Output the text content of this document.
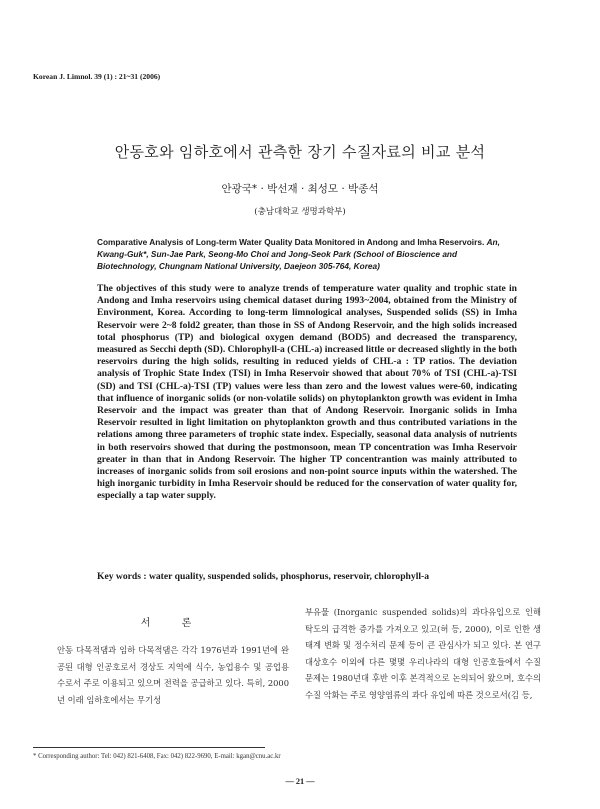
Korean J. Limnol. 39 (1) : 21~31 (2006)
안동호와 임하호에서 관측한 장기 수질자료의 비교 분석
안광국* · 박선재 · 최성모 · 박종석
(충남대학교 생명과학부)
Comparative Analysis of Long-term Water Quality Data Monitored in Andong and Imha Reservoirs. An, Kwang-Guk*, Sun-Jae Park, Seong-Mo Choi and Jong-Seok Park (School of Bioscience and Biotechnology, Chungnam National University, Daejeon 305-764, Korea)
The objectives of this study were to analyze trends of temperature water quality and trophic state in Andong and Imha reservoirs using chemical dataset during 1993~2004, obtained from the Ministry of Environment, Korea. According to long-term limnological analyses, Suspended solids (SS) in Imha Reservoir were 2~8 fold2 greater, than those in SS of Andong Reservoir, and the high solids increased total phosphorus (TP) and biological oxygen demand (BOD5) and decreased the transparency, measured as Secchi depth (SD). Chlorophyll-a (CHL-a) increased little or decreased slightly in the both reservoirs during the high solids, resulting in reduced yields of CHL-a : TP ratios. The deviation analysis of Trophic State Index (TSI) in Imha Reservoir showed that about 70% of TSI (CHL-a)-TSI (SD) and TSI (CHL-a)-TSI (TP) values were less than zero and the lowest values were-60, indicating that influence of inorganic solids (or non-volatile solids) on phytoplankton growth was evident in Imha Reservoir and the impact was greater than that of Andong Reservoir. Inorganic solids in Imha Reservoir resulted in light limitation on phytoplankton growth and thus contributed variations in the relations among three parameters of trophic state index. Especially, seasonal data analysis of nutrients in both reservoirs showed that during the postmonsoon, mean TP concentration was Imha Reservoir greater in than that in Andong Reservoir. The higher TP concentrantion was mainly attributed to increases of inorganic solids from soil erosions and non-point source inputs within the watershed. The high inorganic turbidity in Imha Reservoir should be reduced for the conservation of water quality for, especially a tap water supply.
Key words : water quality, suspended solids, phosphorus, reservoir, chlorophyll-a
서 론
안동 다목적댐과 임하 다목적댐은 각각 1976년과 1991년에 완공된 대형 인공호로서 경상도 지역에 식수, 농업용수 및 공업용수로서 주로 이용되고 있으며 전력을 공급하고 있다. 특히, 2000년 이래 임하호에서는 무기성
부유물 (Inorganic suspended solids)의 과다유입으로 인해 탁도의 급격한 증가를 가져오고 있고(허 등, 2000), 이로 인한 생태계 변화 및 정수처리 문제 등이 큰 관심사가 되고 있다. 본 연구 대상호수 이외에 다른 몇몇 우리나라의 대형 인공호들에서 수질 문제는 1980년대 후반 이후 본격적으로 논의되어 왔으며, 호수의 수질 악화는 주로 영양염류의 과다 유입에 따른 것으로서(김 등,
* Corresponding author: Tel: 042) 821-6408, Fax: 042) 822-9690, E-mail: kgan@cnu.ac.kr
— 21 —
